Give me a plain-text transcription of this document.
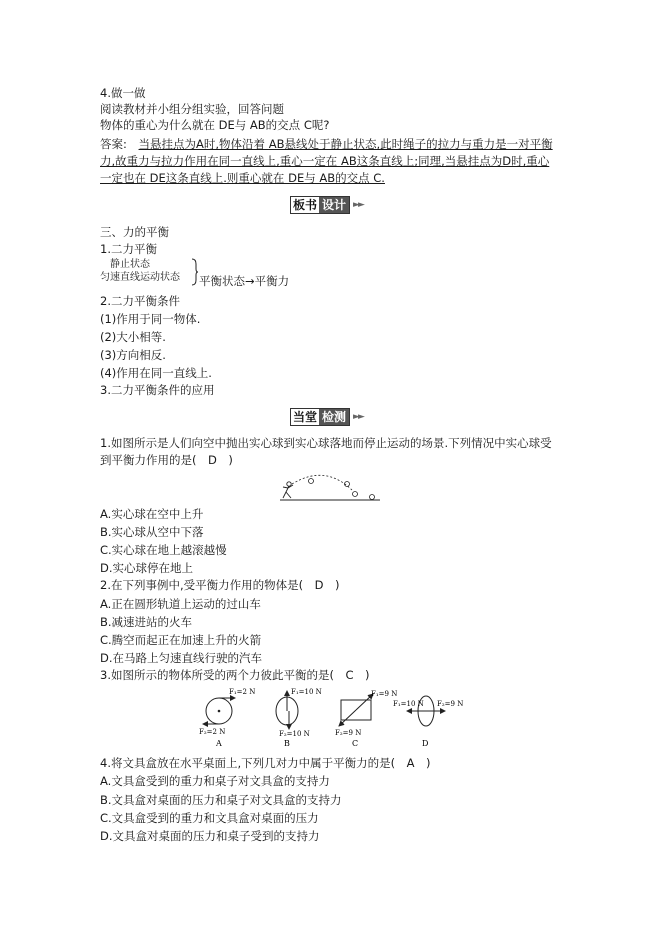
4.做一做
阅读教材并小组分组实验，回答问题
物体的重心为什么就在 DE与 AB的交点 C呢?
答案: 当悬挂点为A时,物体沿着 AB悬线处于静止状态,此时绳子的拉力与重力是一对平衡
力,故重力与拉力作用在同一直线上,重心一定在 AB这条直线上;同理,当悬挂点为D时,重心
一定也在 DE这条直线上.则重心就在 DE与 AB的交点 C.
板书 设计 ►►
三、力的平衡
1.二力平衡
静止状态
匀速直线运动状态 平衡状态→平衡力
2.二力平衡条件
(1)作用于同一物体.
(2)大小相等.
(3)方向相反.
(4)作用在同一直线上.
3.二力平衡条件的应用
当堂 检测 ►►
1.如图所示是人们向空中抛出实心球到实心球落地而停止运动的场景.下列情况中实心球受
到平衡力作用的是(　D　)
A.实心球在空中上升
B.实心球从空中下落
C.实心球在地上越滚越慢
D.实心球停在地上
2.在下列事例中,受平衡力作用的物体是(　D　)
A.正在圆形轨道上运动的过山车
B.减速进站的火车
C.腾空而起正在加速上升的火箭
D.在马路上匀速直线行驶的汽车
3.如图所示的物体所受的两个力彼此平衡的是(　C　)
F₁=2 N
F₂=2 N
A
F₁=10 N
F₂=10 N
B
F₁=9 N
F₂=9 N
C
F₁=10 N F₂=9 N
D
4.将文具盒放在水平桌面上,下列几对力中属于平衡力的是(　A　)
A.文具盒受到的重力和桌子对文具盒的支持力
B.文具盒对桌面的压力和桌子对文具盒的支持力
C.文具盒受到的重力和文具盒对桌面的压力
D.文具盒对桌面的压力和桌子受到的支持力
